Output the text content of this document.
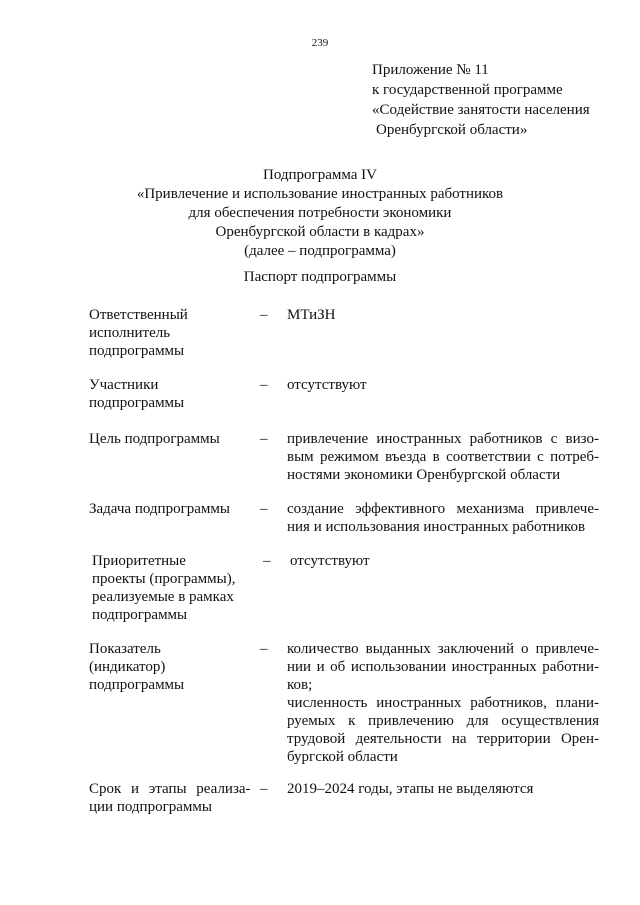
239
Приложение № 11
к государственной программе
«Содействие занятости населения
Оренбургской области»
Подпрограмма IV
«Привлечение и использование иностранных работников
для обеспечения потребности экономики
Оренбургской области в кадрах»
(далее – подпрограмма)
Паспорт подпрограммы
Ответственный
исполнитель
подпрограммы
– МТиЗН
Участники
подпрограммы
– отсутствуют
Цель подпрограммы	– привлечение иностранных работников с визо-
вым режимом въезда в соответствии с потреб-
ностями экономики Оренбургской области
Задача подпрограммы	– создание эффективного механизма привлече-
ния и использования иностранных работников
Приоритетные
проекты (программы),
реализуемые в рамках
подпрограммы
– отсутствуют
Показатель
(индикатор)
подпрограммы
– количество выданных заключений о привлече-
нии и об использовании иностранных работни-
ков;
численность иностранных работников, плани-
руемых к привлечению для осуществления
трудовой деятельности на территории Орен-
бургской области
Срок и этапы реализа-
ции подпрограммы
– 2019–2024 годы, этапы не выделяются
